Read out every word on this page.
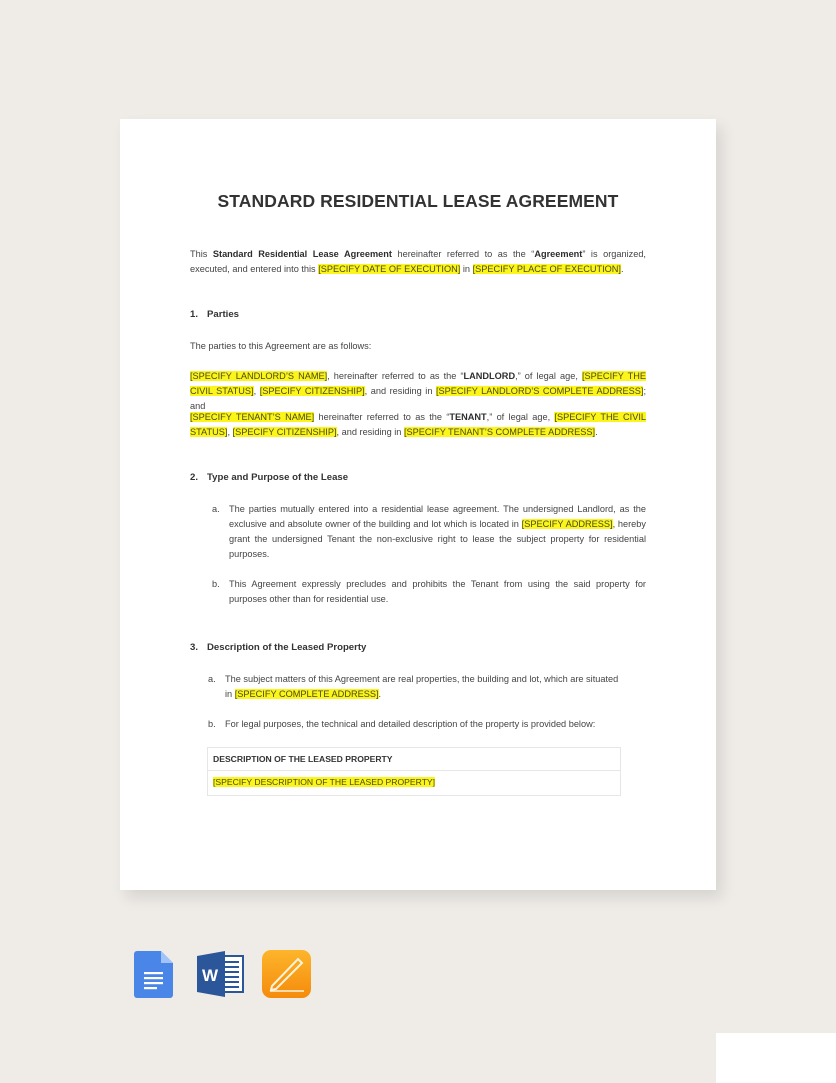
STANDARD RESIDENTIAL LEASE AGREEMENT
This Standard Residential Lease Agreement hereinafter referred to as the “Agreement” is organized, executed, and entered into this [SPECIFY DATE OF EXECUTION] in [SPECIFY PLACE OF EXECUTION].
1. Parties
The parties to this Agreement are as follows:
[SPECIFY LANDLORD’S NAME], hereinafter referred to as the “LANDLORD,” of legal age, [SPECIFY THE CIVIL STATUS], [SPECIFY CITIZENSHIP], and residing in [SPECIFY LANDLORD’S COMPLETE ADDRESS]; and
[SPECIFY TENANT’S NAME] hereinafter referred to as the “TENANT,” of legal age, [SPECIFY THE CIVIL STATUS], [SPECIFY CITIZENSHIP], and residing in [SPECIFY TENANT’S COMPLETE ADDRESS].
2. Type and Purpose of the Lease
a. The parties mutually entered into a residential lease agreement. The undersigned Landlord, as the exclusive and absolute owner of the building and lot which is located in [SPECIFY ADDRESS], hereby grant the undersigned Tenant the non-exclusive right to lease the subject property for residential purposes.
b. This Agreement expressly precludes and prohibits the Tenant from using the said property for purposes other than for residential use.
3. Description of the Leased Property
a. The subject matters of this Agreement are real properties, the building and lot, which are situated in [SPECIFY COMPLETE ADDRESS].
b. For legal purposes, the technical and detailed description of the property is provided below:
DESCRIPTION OF THE LEASED PROPERTY
[SPECIFY DESCRIPTION OF THE LEASED PROPERTY]
W
